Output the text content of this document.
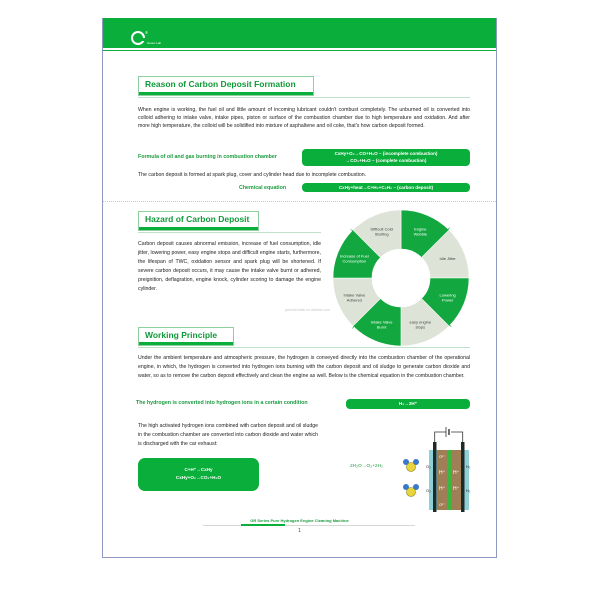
®
Green Lab
Reason of Carbon Deposit Formation
When engine is working, the fuel oil and little amount of incoming lubricant couldn't combust completely. The unburned oil is converted into colloid adhering to intake valve, intake pipes, piston or surface of the combustion chamber due to high temperature and oxidation. And after more high temperature, the colloid will be solidified into mixture of asphaltene and oil coke, that's how carbon deposit formed.
Formula of oil and gas burning in combustion chamber
CxHy+O₂→CO+H₂O – (incomplete combustion)
→CO₂+H₂O – (complete combustion)
The carbon deposit is formed at spark plug, cover and cylinder head due to incomplete combustion.
Chemical equation	CxHy+heat→C+H₂+C₂H₂ – (carbon deposit)
Hazard of Carbon Deposit
Carbon deposit causes abnormal emission, increase of fuel consumption, idle jitter, lowering power, easy engine stops and difficult engine starts, furthermore, the lifespan of TWC, oxidation sensor and spark plug will be shortened. If severe carbon deposit occurs, it may cause the intake valve burnt or adhered, preignition, deflagration, engine knock, cylinder scoring to damage the engine cylinder.
greentechlab.en.alibaba.com
Engine Wobble
Idle Jitter
Lowering Power
easy engine stops
Intake Valve Burnt
Intake Valve Adhered
Increase of Fuel Consumption
Difficult Cold Starting
Working Principle
Under the ambient temperature and atmospheric pressure, the hydrogen is conveyed directly into the combustion chamber of the operational engine, in which, the hydrogen is converted into hydrogen ions burning with the carbon deposit and oil sludge to generate carbon dioxide and water, so as to remove the carbon deposit effectively and clean the engine as well. Below is the chemical equation in the combustion chamber.
The hydrogen is converted into hydrogen ions in a certain condition	H₂→2H⁺
The high activated hydrogen ions combined with carbon deposit and oil sludge in the combustion chamber are converted into carbon dioxide and water which is discharged with the car exhaust:
C+H⁺→CxHy
CxHy+O₂→CO₂+H₂O
2H₂O→O₂+2H₂	O₂
O₂
H₂
H₂
O²⁻
H⁺ H⁺
H⁺ H⁺
O²⁻
GR Series Pure Hydrogen Engine Cleaning Machine
1
